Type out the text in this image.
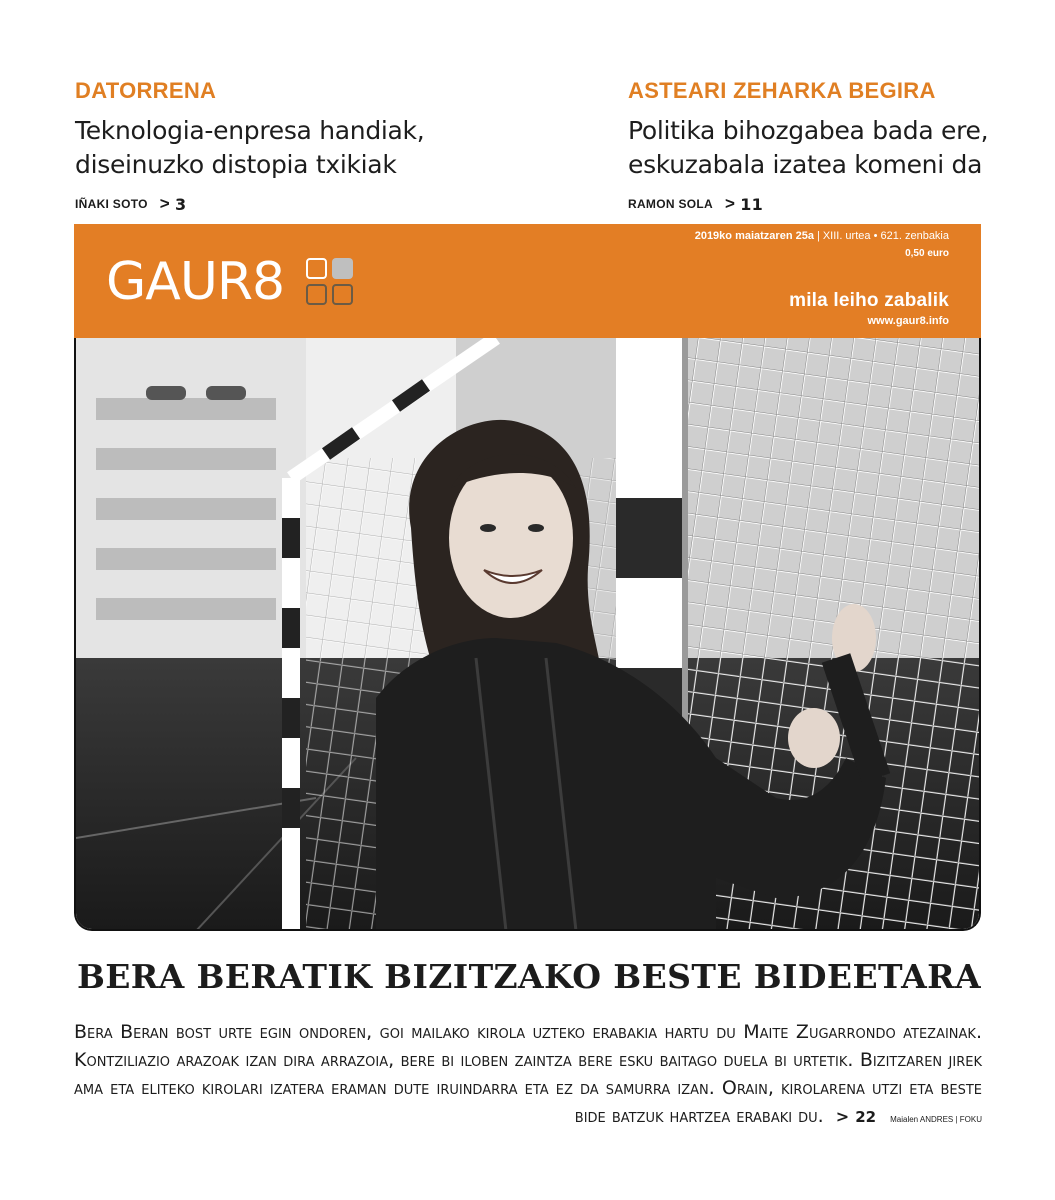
DATORRENA
Teknologia-enpresa handiak,
diseinuzko distopia txikiak
IÑAKI SOTO > 3
ASTEARI ZEHARKA BEGIRA
Politika bihozgabea bada ere,
eskuzabala izatea komeni da
RAMON SOLA > 11
GAUR8
2019ko maiatzaren 25a | XIII. urtea • 621. zenbakia
0,50 euro
mila leiho zabalik
www.gaur8.info
BERA BERATIK BIZITZAKO BESTE BIDEETARA
Bera Beran bost urte egin ondoren, goi mailako kirola uzteko erabakia hartu du Maite Zugarrondo atezainak. Kontziliazio arazoak izan dira arrazoia, bere bi iloben zaintza bere esku baitago duela bi urtetik. Bizitzaren jirek ama eta eliteko kirolari izatera eraman dute iruindarra eta ez da samurra izan. Orain, kirolarena utzi eta beste bide batzuk hartzea erabaki du. > 22 Maialen ANDRES | FOKU
